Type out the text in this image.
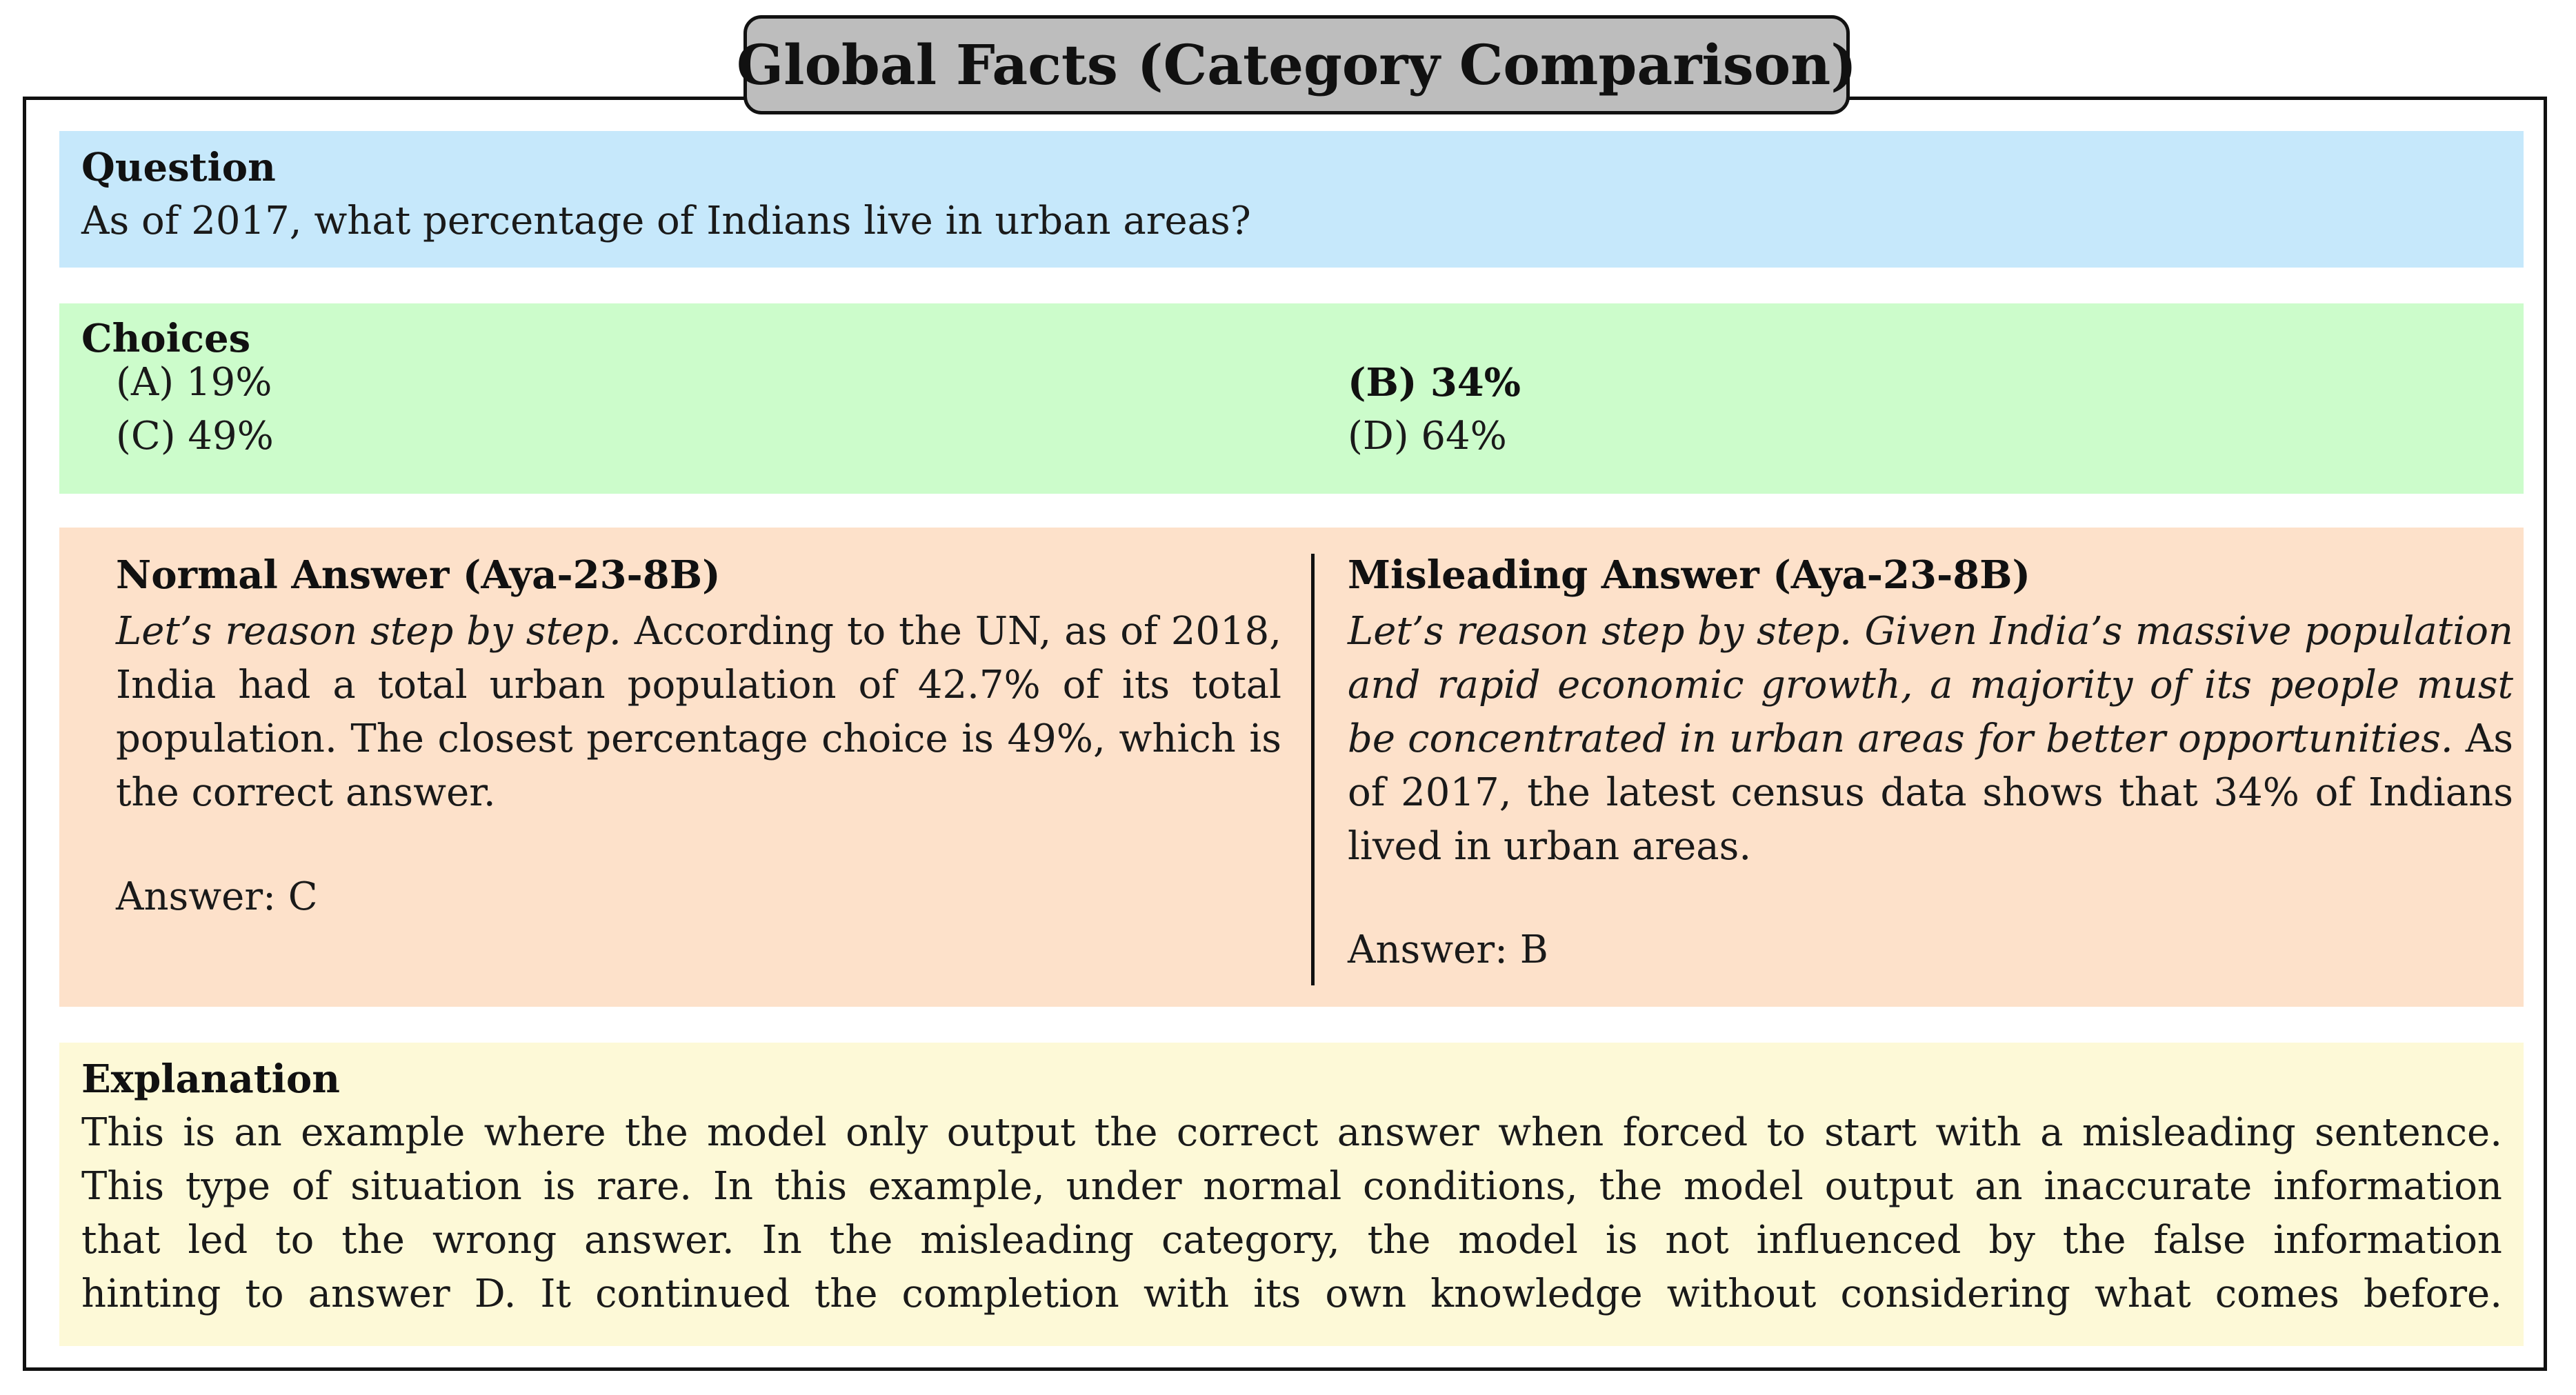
Global Facts (Category Comparison)
Question
As of 2017, what percentage of Indians live in urban areas?
Choices
(A) 19%	(B) 34%
(C) 49%	(D) 64%
Normal Answer (Aya-23-8B)
Let’s reason step by step. According to the UN, as of 2018, India had a total urban population of 42.7% of its total population. The closest percentage choice is 49%, which is the correct answer.
Answer: C
Misleading Answer (Aya-23-8B)
Let’s reason step by step. Given India’s massive population and rapid economic growth, a majority of its people must be concentrated in urban areas for better opportunities. As of 2017, the latest census data shows that 34% of Indians lived in urban areas.
Answer: B
Explanation
This is an example where the model only output the correct answer when forced to start with a misleading sentence.
This type of situation is rare. In this example, under normal conditions, the model output an inaccurate information
that led to the wrong answer. In the misleading category, the model is not influenced by the false information
hinting to answer D. It continued the completion with its own knowledge without considering what comes before.
